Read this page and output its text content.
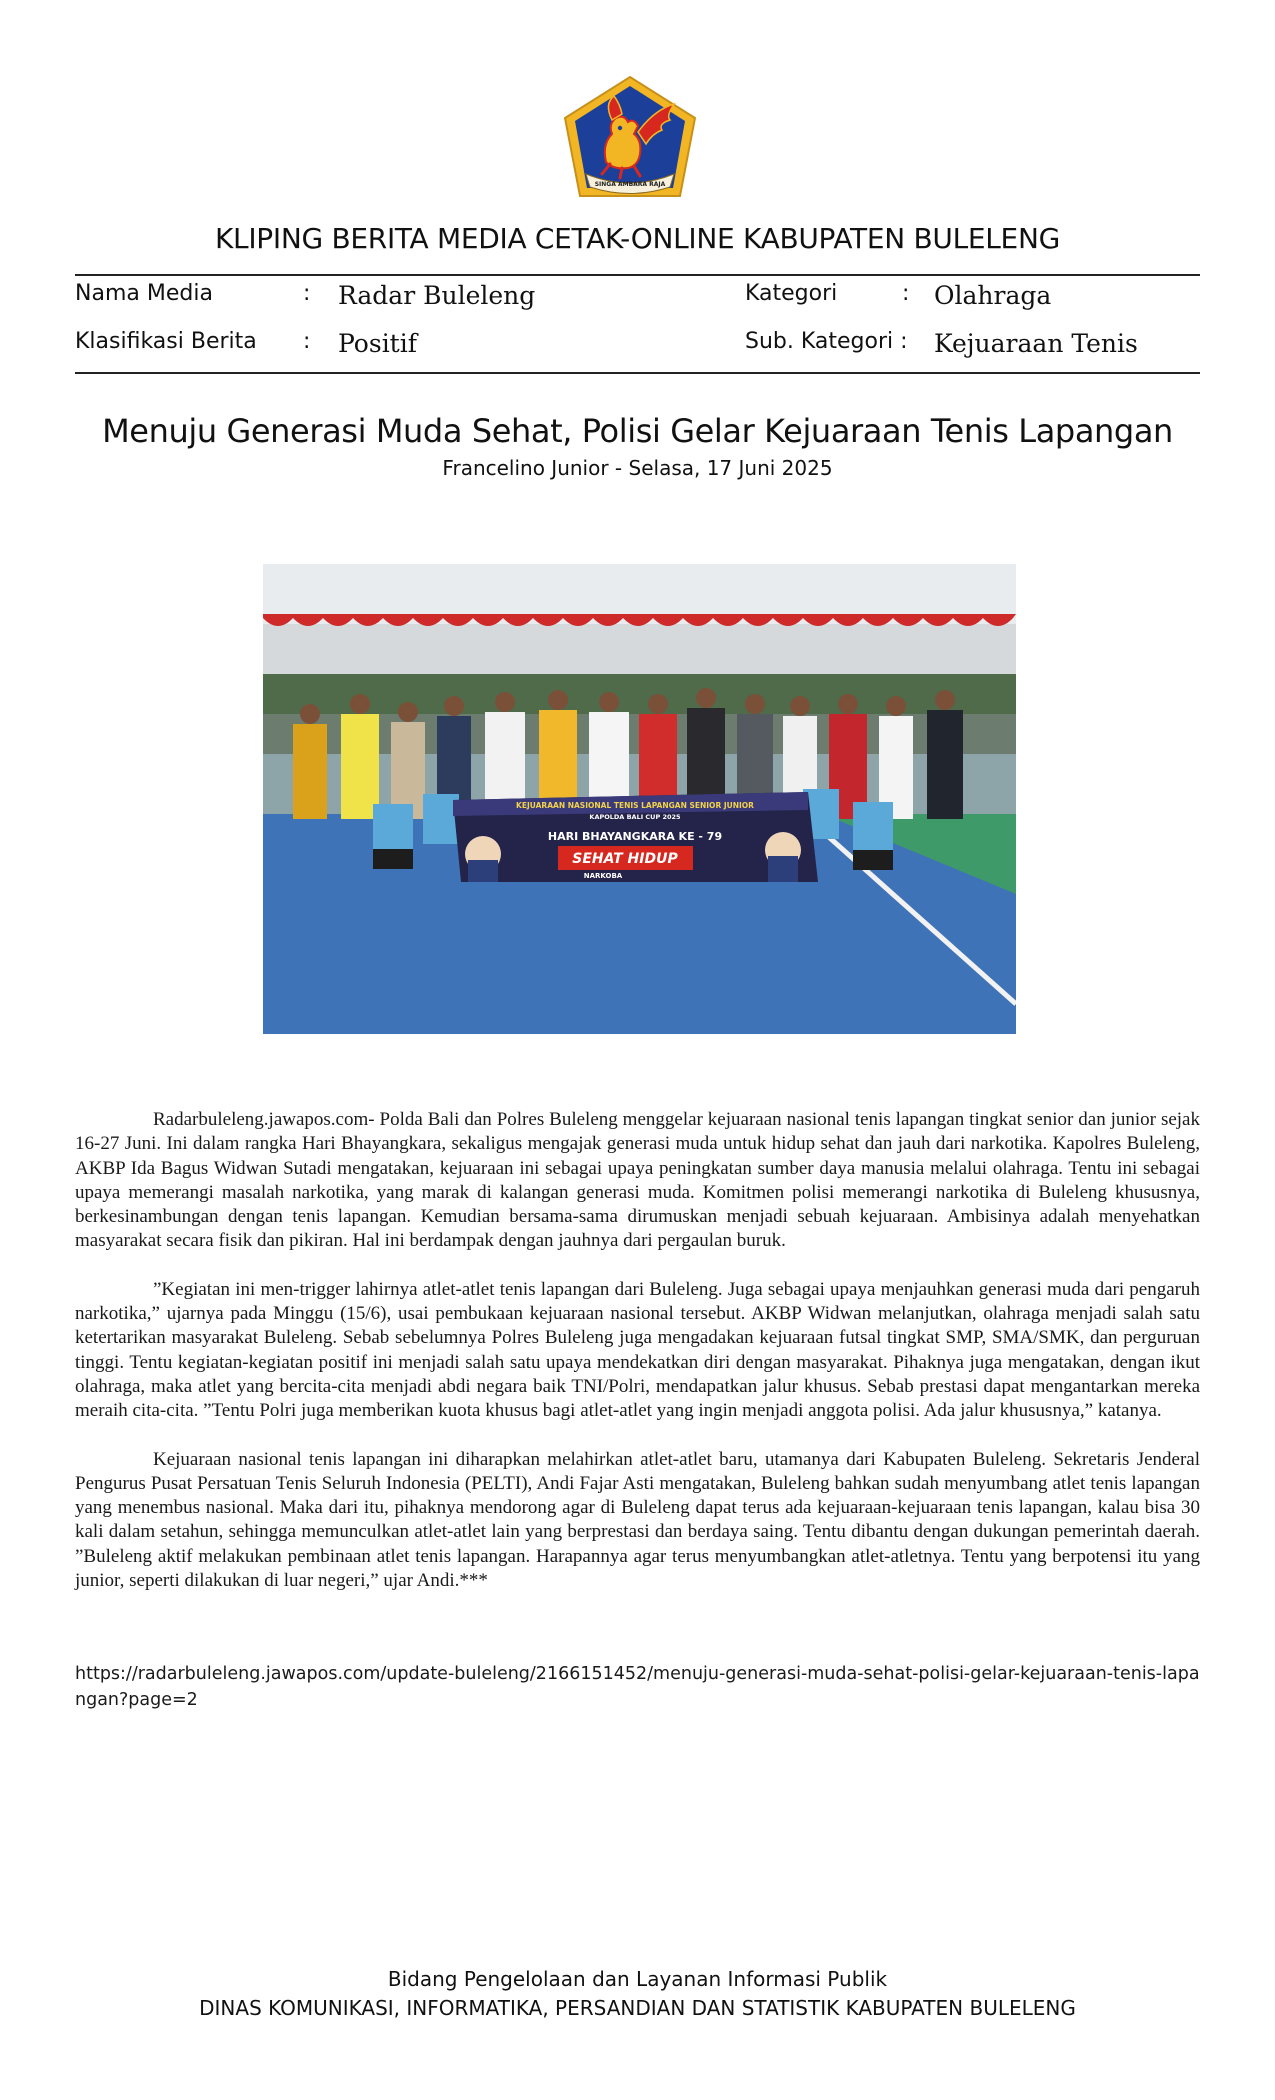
SINGA AMBARA RAJA
KLIPING BERITA MEDIA CETAK-ONLINE KABUPATEN BULELENG
Nama Media	: Radar Buleleng	Kategori	: Olahraga
Klasifikasi Berita : Positif	Sub. Kategori : Kejuaraan Tenis
Menuju Generasi Muda Sehat, Polisi Gelar Kejuaraan Tenis Lapangan
Francelino Junior - Selasa, 17 Juni 2025
KEJUARAAN NASIONAL TENIS LAPANGAN SENIOR JUNIOR
KAPOLDA BALI CUP 2025
HARI BHAYANGKARA KE - 79
SEHAT HIDUP
NARKOBA

Radarbuleleng.jawapos.com- Polda Bali dan Polres Buleleng menggelar kejuaraan nasional tenis lapangan tingkat senior dan junior sejak 16-27 Juni. Ini dalam rangka Hari Bhayangkara, sekaligus mengajak generasi muda untuk hidup sehat dan jauh dari narkotika. Kapolres Buleleng, AKBP Ida Bagus Widwan Sutadi mengatakan, kejuaraan ini sebagai upaya peningkatan sumber daya manusia melalui olahraga. Tentu ini sebagai upaya memerangi masalah narkotika, yang marak di kalangan generasi muda. Komitmen polisi memerangi narkotika di Buleleng khususnya, berkesinambungan dengan tenis lapangan. Kemudian bersama-sama dirumuskan menjadi sebuah kejuaraan. Ambisinya adalah menyehatkan masyarakat secara fisik dan pikiran. Hal ini berdampak dengan jauhnya dari pergaulan buruk.

”Kegiatan ini men-trigger lahirnya atlet-atlet tenis lapangan dari Buleleng. Juga sebagai upaya menjauhkan generasi muda dari pengaruh narkotika,” ujarnya pada Minggu (15/6), usai pembukaan kejuaraan nasional tersebut. AKBP Widwan melanjutkan, olahraga menjadi salah satu ketertarikan masyarakat Buleleng. Sebab sebelumnya Polres Buleleng juga mengadakan kejuaraan futsal tingkat SMP, SMA/SMK, dan perguruan tinggi. Tentu kegiatan-kegiatan positif ini menjadi salah satu upaya mendekatkan diri dengan masyarakat. Pihaknya juga mengatakan, dengan ikut olahraga, maka atlet yang bercita-cita menjadi abdi negara baik TNI/Polri, mendapatkan jalur khusus. Sebab prestasi dapat mengantarkan mereka meraih cita-cita. ”Tentu Polri juga memberikan kuota khusus bagi atlet-atlet yang ingin menjadi anggota polisi. Ada jalur khususnya,” katanya.

Kejuaraan nasional tenis lapangan ini diharapkan melahirkan atlet-atlet baru, utamanya dari Kabupaten Buleleng. Sekretaris Jenderal Pengurus Pusat Persatuan Tenis Seluruh Indonesia (PELTI), Andi Fajar Asti mengatakan, Buleleng bahkan sudah menyumbang atlet tenis lapangan yang menembus nasional. Maka dari itu, pihaknya mendorong agar di Buleleng dapat terus ada kejuaraan-kejuaraan tenis lapangan, kalau bisa 30 kali dalam setahun, sehingga memunculkan atlet-atlet lain yang berprestasi dan berdaya saing. Tentu dibantu dengan dukungan pemerintah daerah. ”Buleleng aktif melakukan pembinaan atlet tenis lapangan. Harapannya agar terus menyumbangkan atlet-atletnya. Tentu yang berpotensi itu yang junior, seperti dilakukan di luar negeri,” ujar Andi.***

https://radarbuleleng.jawapos.com/update-buleleng/2166151452/menuju-generasi-muda-sehat-polisi-gelar-kejuaraan-tenis-lapangan?page=2
Bidang Pengelolaan dan Layanan Informasi Publik
DINAS KOMUNIKASI, INFORMATIKA, PERSANDIAN DAN STATISTIK KABUPATEN BULELENG
